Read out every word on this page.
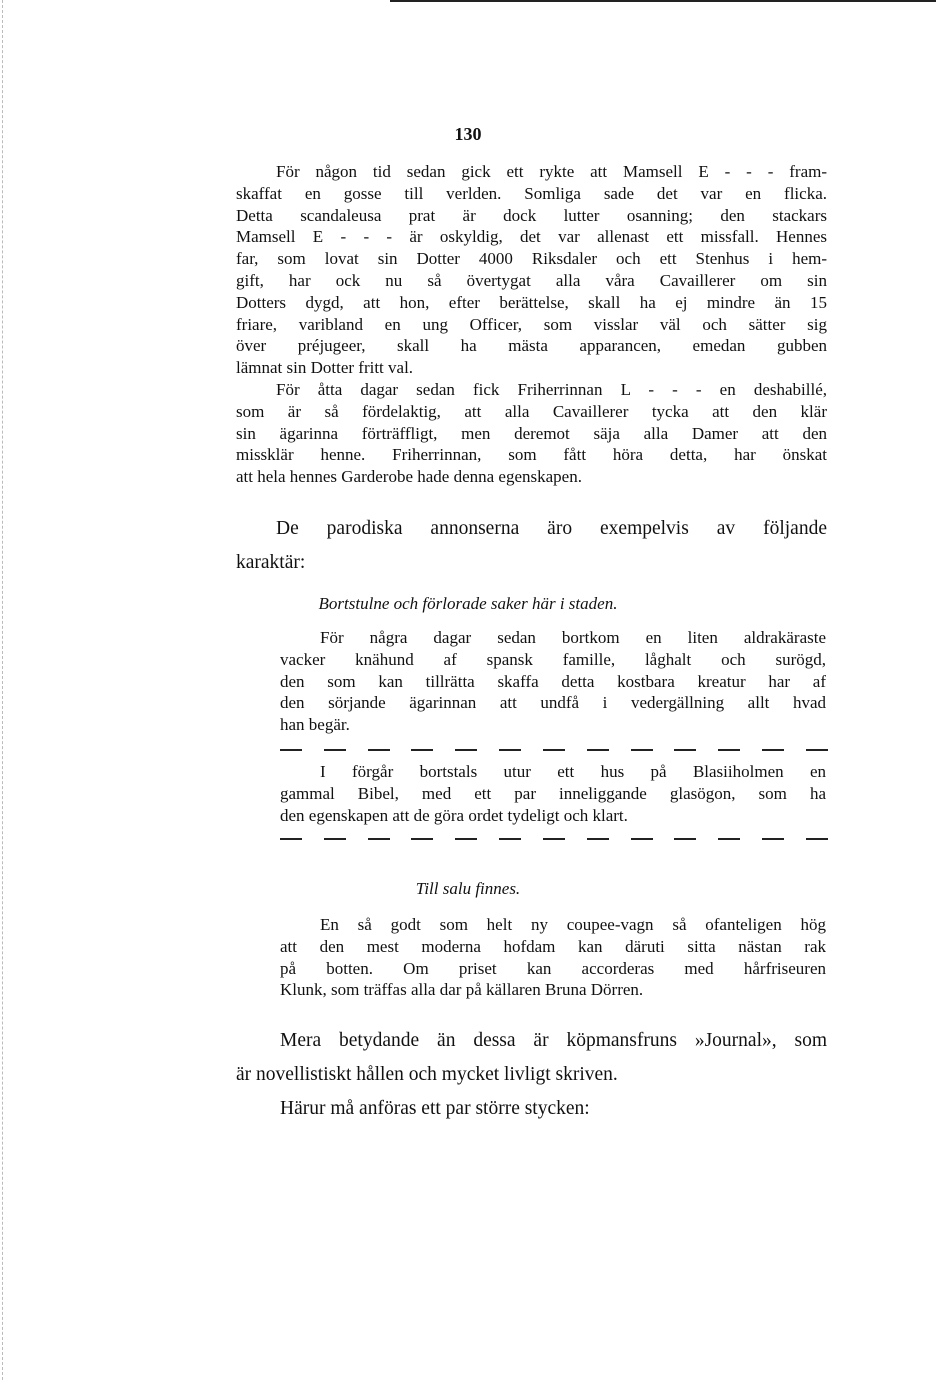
130
För någon tid sedan gick ett rykte att Mamsell E - - - fram-
skaffat en gosse till verlden. Somliga sade det var en flicka.
Detta scandaleusa prat är dock lutter osanning; den stackars
Mamsell E - - - är oskyldig, det var allenast ett missfall. Hennes
far, som lovat sin Dotter 4000 Riksdaler och ett Stenhus i hem-
gift, har ock nu så övertygat alla våra Cavaillerer om sin
Dotters dygd, att hon, efter berättelse, skall ha ej mindre än 15
friare, varibland en ung Officer, som visslar väl och sätter sig
över préjugeer, skall ha mästa apparancen, emedan gubben
lämnat sin Dotter fritt val.
För åtta dagar sedan fick Friherrinnan L - - - en deshabillé,
som är så fördelaktig, att alla Cavaillerer tycka att den klär
sin ägarinna förträffligt, men deremot säja alla Damer att den
missklär henne. Friherrinnan, som fått höra detta, har önskat
att hela hennes Garderobe hade denna egenskapen.
De parodiska annonserna äro exempelvis av följande
karaktär:
Bortstulne och förlorade saker här i staden.
För några dagar sedan bortkom en liten aldrakäraste
vacker knähund af spansk famille, låghalt och surögd,
den som kan tillrätta skaffa detta kostbara kreatur har af
den sörjande ägarinnan att undfå i vedergällning allt hvad
han begär.
I förgår bortstals utur ett hus på Blasiiholmen en
gammal Bibel, med ett par inneliggande glasögon, som ha
den egenskapen att de göra ordet tydeligt och klart.
Till salu finnes.
En så godt som helt ny coupee-vagn så ofanteligen hög
att den mest moderna hofdam kan däruti sitta nästan rak
på botten. Om priset kan accorderas med hårfriseuren
Klunk, som träffas alla dar på källaren Bruna Dörren.
Mera betydande än dessa är köpmansfruns »Journal», som
är novellistiskt hållen och mycket livligt skriven.
Härur må anföras ett par större stycken:
